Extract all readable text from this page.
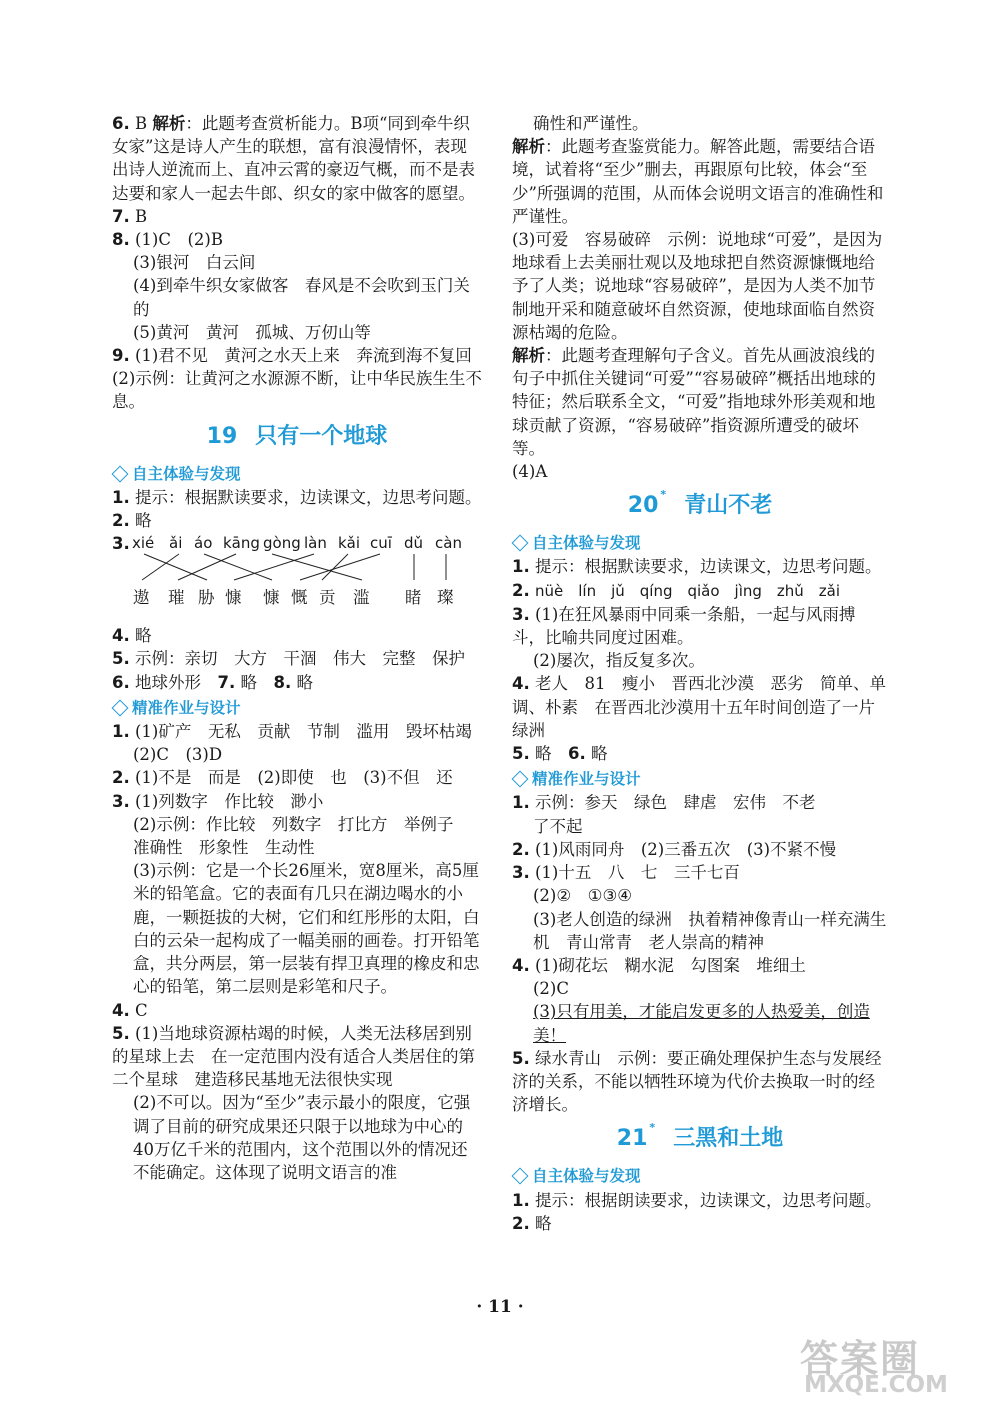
6. B 解析：此题考查赏析能力。B项“同到牵牛织女家”这是诗人产生的联想，富有浪漫情怀，表现出诗人逆流而上、直冲云霄的豪迈气概，而不是表达要和家人一起去牛郎、织女的家中做客的愿望。

7. B

8. (1)C　(2)B

(3)银河　白云间

(4)到牵牛织女家做客　春风是不会吹到玉门关的

(5)黄河　黄河　孤城、万仞山等

9. (1)君不见　黄河之水天上来　奔流到海不复回　(2)示例：让黄河之水源源不断，让中华民族生生不息。

19 只有一个地球

自主体验与发现

1. 提示：根据默读要求，边读课文，边思考问题。

2. 略

3. xié ǎi áo kāng gòng làn kǎi cuī dǔ càn
遨 璀 胁 慷 慷 慨 贡 滥 睹 璨

4. 略

5. 示例：亲切　大方　干涸　伟大　完整　保护

6. 地球外形　 7. 略　 8. 略

精准作业与设计

1. (1)矿产　无私　贡献　节制　滥用　毁坏枯竭

(2)C　(3)D

2. (1)不是　而是　(2)即使　也　(3)不但　还

3. (1)列数字　作比较　渺小

(2)示例：作比较　列数字　打比方　举例子　准确性　形象性　生动性

(3)示例：它是一个长26厘米，宽8厘米，高5厘米的铅笔盒。它的表面有几只在湖边喝水的小鹿，一颗挺拔的大树，它们和红彤彤的太阳，白白的云朵一起构成了一幅美丽的画卷。打开铅笔盒，共分两层，第一层装有捍卫真理的橡皮和忠心的铅笔，第二层则是彩笔和尺子。

4. C

5. (1)当地球资源枯竭的时候，人类无法移居到别的星球上去　在一定范围内没有适合人类居住的第二个星球　建造移民基地无法很快实现

(2)不可以。因为“至少”表示最小的限度，它强调了目前的研究成果还只限于以地球为中心的40万亿千米的范围内，这个范围以外的情况还不能确定。这体现了说明文语言的准

确性和严谨性。

解析：此题考查鉴赏能力。解答此题，需要结合语境，试着将“至少”删去，再跟原句比较，体会“至少”所强调的范围，从而体会说明文语言的准确性和严谨性。

(3)可爱　容易破碎　示例：说地球“可爱”，是因为地球看上去美丽壮观以及地球把自然资源慷慨地给予了人类；说地球“容易破碎”，是因为人类不加节制地开采和随意破坏自然资源，使地球面临自然资源枯竭的危险。

解析：此题考查理解句子含义。首先从画波浪线的句子中抓住关键词“可爱”“容易破碎”概括出地球的特征；然后联系全文，“可爱”指地球外形美观和地球贡献了资源，“容易破碎”指资源所遭受的破坏等。

(4)A

20 * 青山不老

自主体验与发现

1. 提示：根据默读要求，边读课文，边思考问题。

2. nüè　lín　jǔ　qíng　qiǎo　jìng　zhǔ　zǎi

3. (1)在狂风暴雨中同乘一条船，一起与风雨搏斗，比喻共同度过困难。

(2)屡次，指反复多次。

4. 老人　81　瘦小　晋西北沙漠　恶劣　简单、单调、朴素　在晋西北沙漠用十五年时间创造了一片绿洲

5. 略　 6. 略

精准作业与设计

1. 示例：参天　绿色　肆虐　宏伟　不老

了不起

2. (1)风雨同舟　(2)三番五次　(3)不紧不慢

3. (1)十五　八　七　三千七百

(2)②　①③④

(3)老人创造的绿洲　执着精神像青山一样充满生机　青山常青　老人崇高的精神

4. (1)砌花坛　糊水泥　勾图案　堆细土

(2)C

(3)只有用美，才能启发更多的人热爱美，创造美！

5. 绿水青山　示例：要正确处理保护生态与发展经济的关系，不能以牺牲环境为代价去换取一时的经济增长。

21 * 三黑和土地

自主体验与发现

1. 提示：根据朗读要求，边读课文，边思考问题。

2. 略

· 11 ·
答案圈
MXQE.COM
